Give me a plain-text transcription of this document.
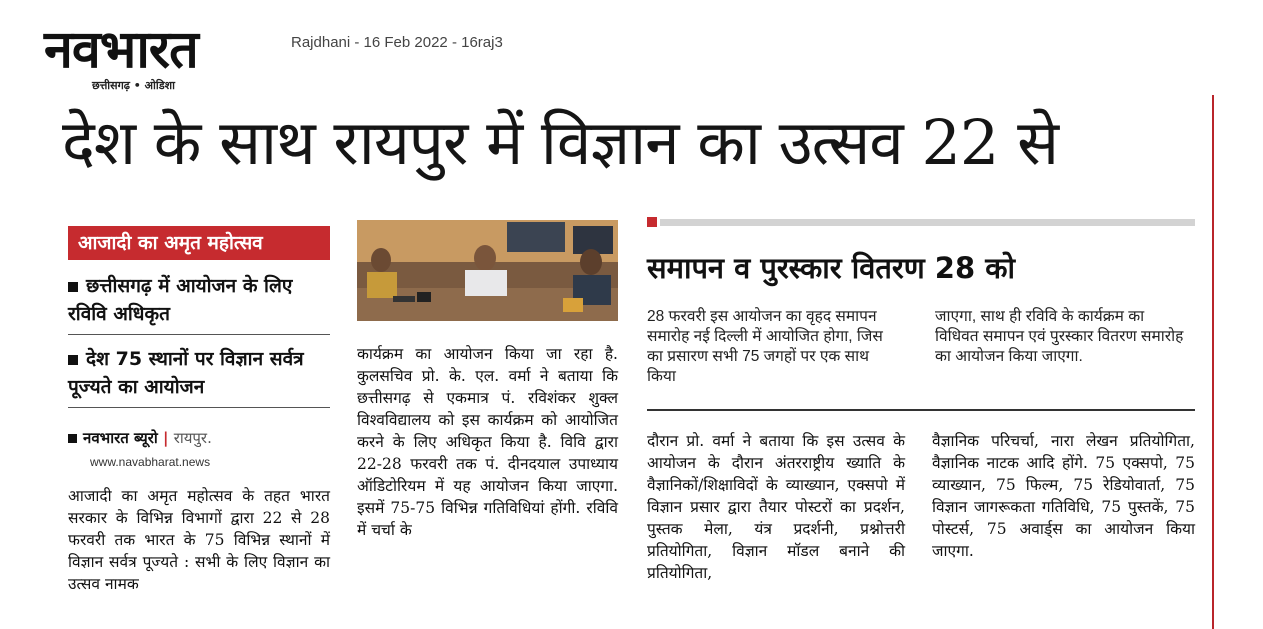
नवभारत
छत्तीसगढ़ • ओडिशा
Rajdhani - 16 Feb 2022 - 16raj3
देश के साथ रायपुर में विज्ञान का उत्सव 22 से
आजादी का अमृत महोत्सव
छत्तीसगढ़ में आयोजन के लिए रविवि अधिकृत
देश 75 स्थानों पर विज्ञान सर्वत्र पूज्यते का आयोजन
नवभारत ब्यूरो | रायपुर.
www.navabharat.news
आजादी का अमृत महोत्सव के तहत भारत सरकार के विभिन्न विभागों द्वारा 22 से 28 फरवरी तक भारत के 75 विभिन्न स्थानों में विज्ञान सर्वत्र पूज्यते : सभी के लिए विज्ञान का उत्सव नामक
कार्यक्रम का आयोजन किया जा रहा है. कुलसचिव प्रो. के. एल. वर्मा ने बताया कि छत्तीसगढ़ से एकमात्र पं. रविशंकर शुक्ल विश्वविद्यालय को इस कार्यक्रम को आयोजित करने के लिए अधिकृत किया है. विवि द्वारा 22-28 फरवरी तक पं. दीनदयाल उपाध्याय ऑडिटोरियम में यह आयोजन किया जाएगा. इसमें 75-75 विभिन्न गतिविधियां होंगी. रविवि में चर्चा के
समापन व पुरस्कार वितरण 28 को
28 फरवरी इस आयोजन का वृहद समापन समारोह नई दिल्ली में आयोजित होगा, जिस का प्रसारण सभी 75 जगहों पर एक साथ किया
जाएगा, साथ ही रविवि के कार्यक्रम का विधिवत समापन एवं पुरस्कार वितरण समारोह का आयोजन किया जाएगा.
दौरान प्रो. वर्मा ने बताया कि इस उत्सव के आयोजन के दौरान अंतरराष्ट्रीय ख्याति के वैज्ञानिकों/शिक्षाविदों के व्याख्यान, एक्सपो में विज्ञान प्रसार द्वारा तैयार पोस्टरों का प्रदर्शन, पुस्तक मेला, यंत्र प्रदर्शनी, प्रश्नोत्तरी प्रतियोगिता, विज्ञान मॉडल बनाने की प्रतियोगिता,
वैज्ञानिक परिचर्चा, नारा लेखन प्रतियोगिता, वैज्ञानिक नाटक आदि होंगे. 75 एक्सपो, 75 व्याख्यान, 75 फिल्म, 75 रेडियोवार्ता, 75 विज्ञान जागरूकता गतिविधि, 75 पुस्तकें, 75 पोस्टर्स, 75 अवार्ड्स का आयोजन किया जाएगा.
